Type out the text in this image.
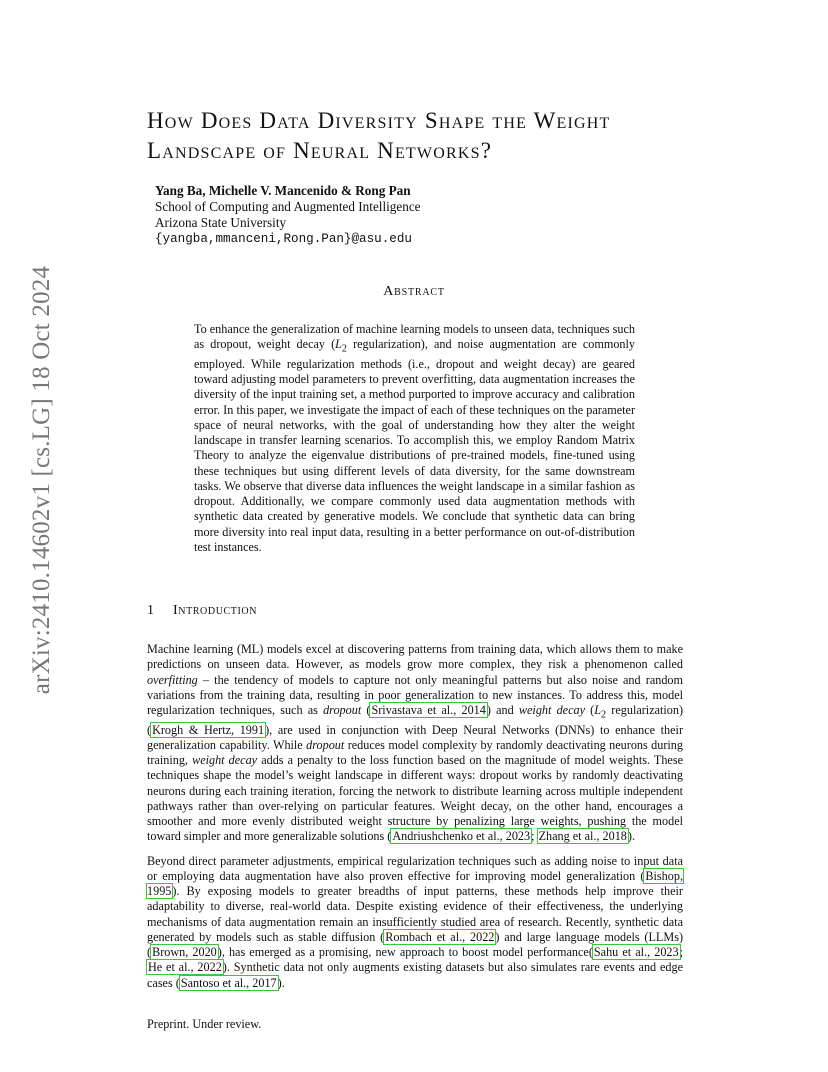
arXiv:2410.14602v1 [cs.LG] 18 Oct 2024
How Does Data Diversity Shape the Weight
Landscape of Neural Networks?
Yang Ba, Michelle V. Mancenido & Rong Pan
School of Computing and Augmented Intelligence
Arizona State University
{yangba,mmanceni,Rong.Pan}@asu.edu
Abstract
To enhance the generalization of machine learning models to unseen data, techniques such as dropout, weight decay ($L_2$ regularization), and noise augmentation are commonly employed. While regularization methods (i.e., dropout and weight decay) are geared toward adjusting model parameters to prevent overfitting, data augmentation increases the diversity of the input training set, a method purported to improve accuracy and calibration error. In this paper, we investigate the impact of each of these techniques on the parameter space of neural networks, with the goal of understanding how they alter the weight landscape in transfer learning scenarios. To accomplish this, we employ Random Matrix Theory to analyze the eigenvalue distributions of pre-trained models, fine-tuned using these techniques but using different levels of data diversity, for the same downstream tasks. We observe that diverse data influences the weight landscape in a similar fashion as dropout. Additionally, we compare commonly used data augmentation methods with synthetic data created by generative models. We conclude that synthetic data can bring more diversity into real input data, resulting in a better performance on out-of-distribution test instances.
1 Introduction

Machine learning (ML) models excel at discovering patterns from training data, which allows them to make predictions on unseen data. However, as models grow more complex, they risk a phenomenon called overfitting – the tendency of models to capture not only meaningful patterns but also noise and random variations from the training data, resulting in poor generalization to new instances. To address this, model regularization techniques, such as dropout (Srivastava et al., 2014) and weight decay ($L_2$ regularization)(Krogh & Hertz, 1991), are used in conjunction with Deep Neural Networks (DNNs) to enhance their generalization capability. While dropout reduces model complexity by randomly deactivating neurons during training, weight decay adds a penalty to the loss function based on the magnitude of model weights. These techniques shape the model’s weight landscape in different ways: dropout works by randomly deactivating neurons during each training iteration, forcing the network to distribute learning across multiple independent pathways rather than over-relying on particular features. Weight decay, on the other hand, encourages a smoother and more evenly distributed weight structure by penalizing large weights, pushing the model toward simpler and more generalizable solutions (Andriushchenko et al., 2023; Zhang et al., 2018).

Beyond direct parameter adjustments, empirical regularization techniques such as adding noise to input data or employing data augmentation have also proven effective for improving model generalization (Bishop, 1995). By exposing models to greater breadths of input patterns, these methods help improve their adaptability to diverse, real-world data. Despite existing evidence of their effectiveness, the underlying mechanisms of data augmentation remain an insufficiently studied area of research. Recently, synthetic data generated by models such as stable diffusion (Rombach et al., 2022) and large language models (LLMs) (Brown, 2020), has emerged as a promising, new approach to boost model performance(Sahu et al., 2023; He et al., 2022). Synthetic data not only augments existing datasets but also simulates rare events and edge cases (Santoso et al., 2017).

Preprint. Under review.
